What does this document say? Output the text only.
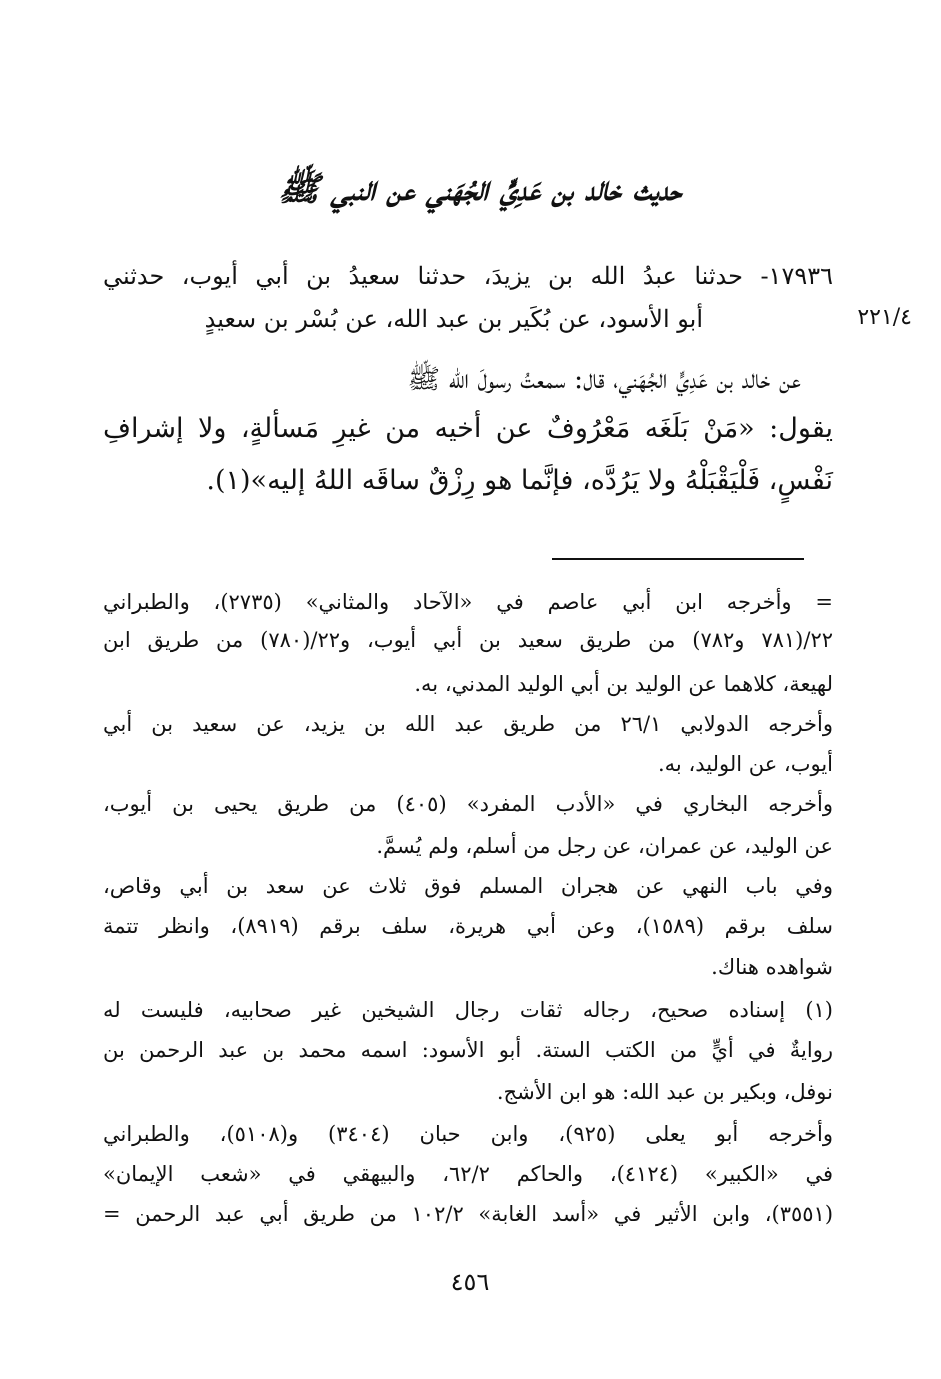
حديث خالد بن عَدِيٍّ الجُهَني عن النبي ﷺ
١٧٩٣٦- حدثنا عبدُ الله بن يزيدَ، حدثنا سعيدُ بن أبي أيوب، حدثني
أبو الأسود، عن بُكَير بن عبد الله، عن بُسْر بن سعيدٍ	٢٢١/٤
عن خالد بن عَدِيٍّ الجُهَني، قال: سمعتُ رسولَ الله ﷺ
يقول: «مَنْ بَلَغَه مَعْرُوفٌ عن أخيه من غيرِ مَسألةٍ، ولا إشرافِ
نَفْسٍ، فَلْيَقْبَلْهُ ولا يَرُدَّه، فإنَّما هو رِزْقٌ ساقَه اللهُ إليه»(١).
= وأخرجه ابن أبي عاصم في «الآحاد والمثاني» (٢٧٣٥)، والطبراني
٢٢/(٧٨١ و٧٨٢) من طريق سعيد بن أبي أيوب، و٢٢/(٧٨٠) من طريق ابن
لهيعة، كلاهما عن الوليد بن أبي الوليد المدني، به.
وأخرجه الدولابي ٢٦/١ من طريق عبد الله بن يزيد، عن سعيد بن أبي
أيوب، عن الوليد، به.
وأخرجه البخاري في «الأدب المفرد» (٤٠٥) من طريق يحيى بن أيوب،
عن الوليد، عن عمران، عن رجل من أسلم، ولم يُسمَّ.
وفي باب النهي عن هجران المسلم فوق ثلاث عن سعد بن أبي وقاص،
سلف برقم (١٥٨٩)، وعن أبي هريرة، سلف برقم (٨٩١٩)، وانظر تتمة
شواهده هناك.
(١) إسناده صحيح، رجاله ثقات رجال الشيخين غير صحابيه، فليست له
روايةٌ في أيٍّ من الكتب الستة. أبو الأسود: اسمه محمد بن عبد الرحمن بن
نوفل، وبكير بن عبد الله: هو ابن الأشج.
وأخرجه أبو يعلى (٩٢٥)، وابن حبان (٣٤٠٤) و(٥١٠٨)، والطبراني
في «الكبير» (٤١٢٤)، والحاكم ٦٢/٢، والبيهقي في «شعب الإيمان»
(٣٥٥١)، وابن الأثير في «أسد الغابة» ١٠٢/٢ من طريق أبي عبد الرحمن =
٤٥٦
